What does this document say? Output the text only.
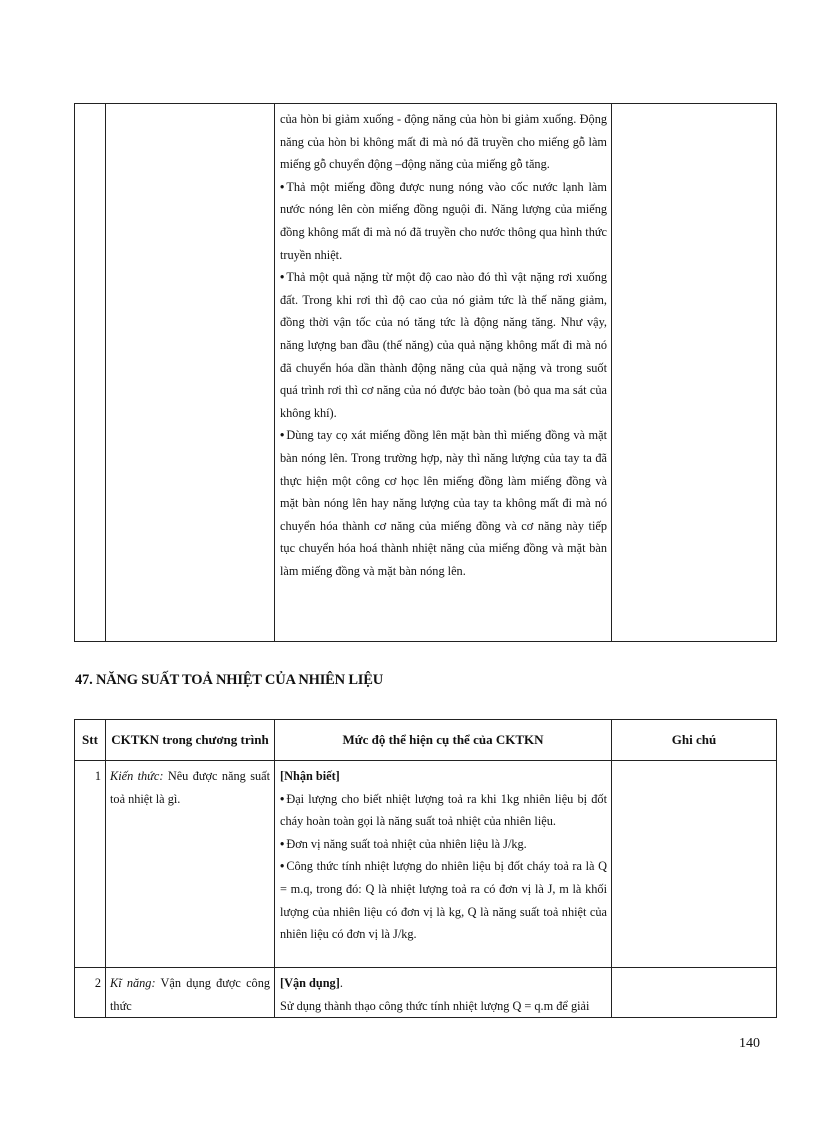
của hòn bi giảm xuống - động năng của hòn bi giảm xuống. Động năng của hòn bi không mất đi mà nó đã truyền cho miếng gỗ làm miếng gỗ chuyển động –động năng của miếng gỗ tăng.

• Thả một miếng đồng được nung nóng vào cốc nước lạnh làm nước nóng lên còn miếng đồng nguội đi. Năng lượng của miếng đồng không mất đi mà nó đã truyền cho nước thông qua hình thức truyền nhiệt.

• Thả một quả nặng từ một độ cao nào đó thì vật nặng rơi xuống đất. Trong khi rơi thì độ cao của nó giảm tức là thế năng giảm, đồng thời vận tốc của nó tăng tức là động năng tăng. Như vậy, năng lượng ban đầu (thế năng) của quả nặng không mất đi mà nó đã chuyển hóa dần thành động năng của quả nặng và trong suốt quá trình rơi thì cơ năng của nó được bảo toàn (bỏ qua ma sát của không khí).

• Dùng tay cọ xát miếng đồng lên mặt bàn thì miếng đồng và mặt bàn nóng lên. Trong trường hợp, này thì năng lượng của tay ta đã thực hiện một công cơ học lên miếng đồng làm miếng đồng và mặt bàn nóng lên hay năng lượng của tay ta không mất đi mà nó chuyển hóa thành cơ năng của miếng đồng và cơ năng này tiếp tục chuyển hóa hoá thành nhiệt năng của miếng đồng và mặt bàn làm miếng đồng và mặt bàn nóng lên.

47. NĂNG SUẤT TOẢ NHIỆT CỦA NHIÊN LIỆU

Stt	CKTKN trong chương trình	Mức độ thể hiện cụ thể của CKTKN	Ghi chú

1	Kiến thức: Nêu được năng suất toả nhiệt là gì.	[Nhận biết]

• Đại lượng cho biết nhiệt lượng toả ra khi 1kg nhiên liệu bị đốt cháy hoàn toàn gọi là năng suất toả nhiệt của nhiên liệu.

• Đơn vị năng suất toả nhiệt của nhiên liệu là J/kg.

• Công thức tính nhiệt lượng do nhiên liệu bị đốt cháy toả ra là Q = m.q, trong đó: Q là nhiệt lượng toả ra có đơn vị là J, m là khối lượng của nhiên liệu có đơn vị là kg, Q là năng suất toả nhiệt của nhiên liệu có đơn vị là J/kg.

2	Kĩ năng: Vận dụng được công thức	[Vận dụng].

Sử dụng thành thạo công thức tính nhiệt lượng Q = q.m để giải	

140
